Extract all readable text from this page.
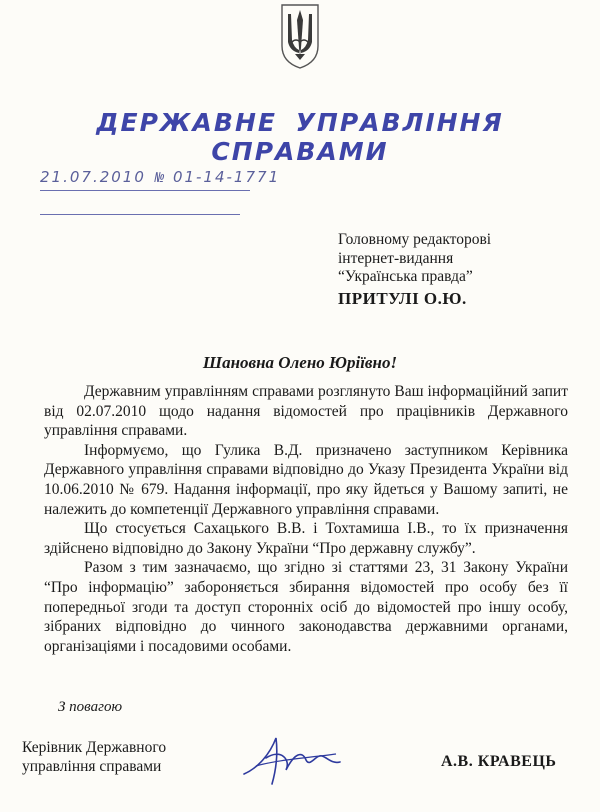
ДЕРЖАВНЕ УПРАВЛІННЯ СПРАВАМИ
21.07.2010 № 01-14-1771
Головному редакторові
інтернет-видання
“Українська правда”
ПРИТУЛІ О.Ю.
Шановна Олено Юріївно!

Державним управлінням справами розглянуто Ваш інформаційний запит від 02.07.2010 щодо надання відомостей про працівників Державного управління справами.

Інформуємо, що Гулика В.Д. призначено заступником Керівника Державного управління справами відповідно до Указу Президента України від 10.06.2010 № 679. Надання інформації, про яку йдеться у Вашому запиті, не належить до компетенції Державного управління справами.

Що стосується Сахацького В.В. і Тохтамиша І.В., то їх призначення здійснено відповідно до Закону України “Про державну службу”.

Разом з тим зазначаємо, що згідно зі статтями 23, 31 Закону України “Про інформацію” забороняється збирання відомостей про особу без її попередньої згоди та доступ сторонніх осіб до відомостей про іншу особу, зібраних відповідно до чинного законодавства державними органами, організаціями і посадовими особами.

З повагою
Керівник Державного
управління справами	А.В. КРАВЕЦЬ
